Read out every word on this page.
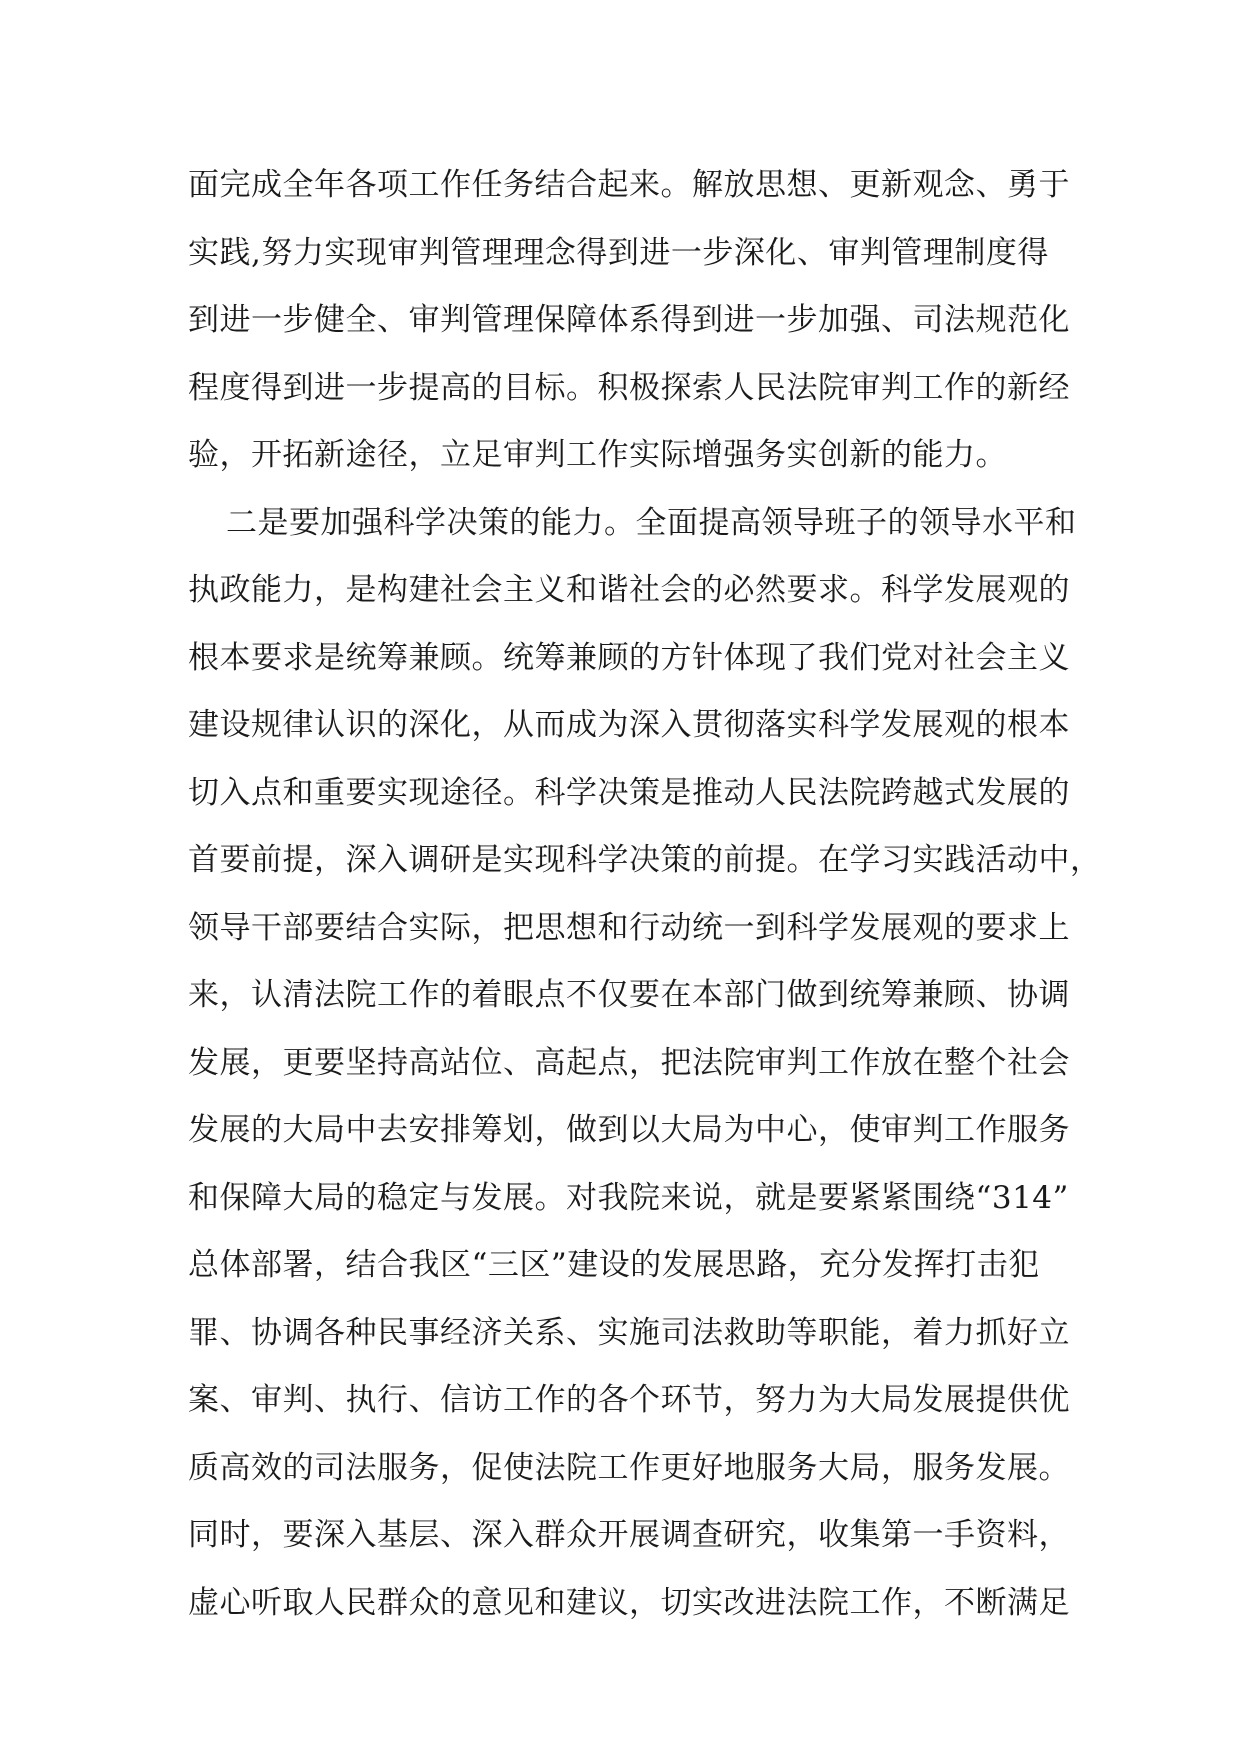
面完成全年各项工作任务结合起来。解放思想、更新观念、勇于
实践,努力实现审判管理理念得到进一步深化、审判管理制度得
到进一步健全、审判管理保障体系得到进一步加强、司法规范化
程度得到进一步提高的目标。积极探索人民法院审判工作的新经
验，开拓新途径，立足审判工作实际增强务实创新的能力。
二是要加强科学决策的能力。全面提高领导班子的领导水平和
执政能力，是构建社会主义和谐社会的必然要求。科学发展观的
根本要求是统筹兼顾。统筹兼顾的方针体现了我们党对社会主义
建设规律认识的深化，从而成为深入贯彻落实科学发展观的根本
切入点和重要实现途径。科学决策是推动人民法院跨越式发展的
首要前提，深入调研是实现科学决策的前提。在学习实践活动中，
领导干部要结合实际，把思想和行动统一到科学发展观的要求上
来，认清法院工作的着眼点不仅要在本部门做到统筹兼顾、协调
发展，更要坚持高站位、高起点，把法院审判工作放在整个社会
发展的大局中去安排筹划，做到以大局为中心，使审判工作服务
和保障大局的稳定与发展。对我院来说，就是要紧紧围绕“314”
总体部署，结合我区“三区”建设的发展思路，充分发挥打击犯
罪、协调各种民事经济关系、实施司法救助等职能，着力抓好立
案、审判、执行、信访工作的各个环节，努力为大局发展提供优
质高效的司法服务，促使法院工作更好地服务大局，服务发展。
同时，要深入基层、深入群众开展调查研究，收集第一手资料，
虚心听取人民群众的意见和建议，切实改进法院工作，不断满足
